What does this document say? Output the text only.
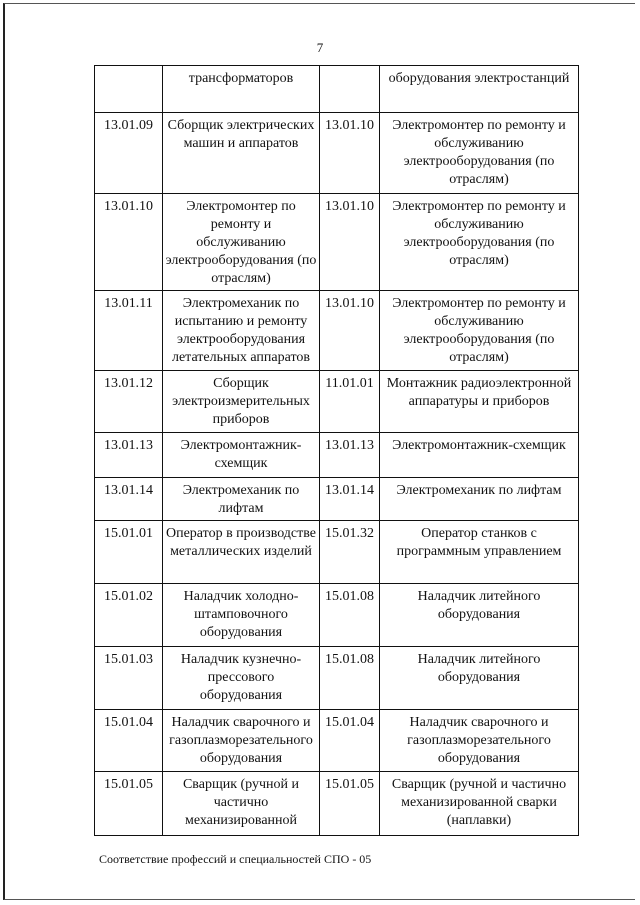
7
	трансформаторов		оборудования электростанций
13.01.09	Сборщик электрических машин и аппаратов	13.01.10	Электромонтер по ремонту и обслуживанию электрооборудования (по отраслям)
13.01.10	Электромонтер по ремонту и обслуживанию электрооборудования (по отраслям)	13.01.10	Электромонтер по ремонту и обслуживанию электрооборудования (по отраслям)
13.01.11	Электромеханик по испытанию и ремонту электрооборудования летательных аппаратов	13.01.10	Электромонтер по ремонту и обслуживанию электрооборудования (по отраслям)
13.01.12	Сборщик электроизмерительных приборов	11.01.01	Монтажник радиоэлектронной аппаратуры и приборов
13.01.13	Электромонтажник-схемщик	13.01.13	Электромонтажник-схемщик
13.01.14	Электромеханик по лифтам	13.01.14	Электромеханик по лифтам
15.01.01	Оператор в производстве металлических изделий	15.01.32	Оператор станков с программным управлением
15.01.02	Наладчик холодно-штамповочного оборудования	15.01.08	Наладчик литейного оборудования
15.01.03	Наладчик кузнечно-прессового оборудования	15.01.08	Наладчик литейного оборудования
15.01.04	Наладчик сварочного и газоплазморезательного оборудования	15.01.04	Наладчик сварочного и газоплазморезательного оборудования
15.01.05	Сварщик (ручной и частично механизированной	15.01.05	Сварщик (ручной и частично механизированной сварки (наплавки)
Соответствие профессий и специальностей СПО - 05
